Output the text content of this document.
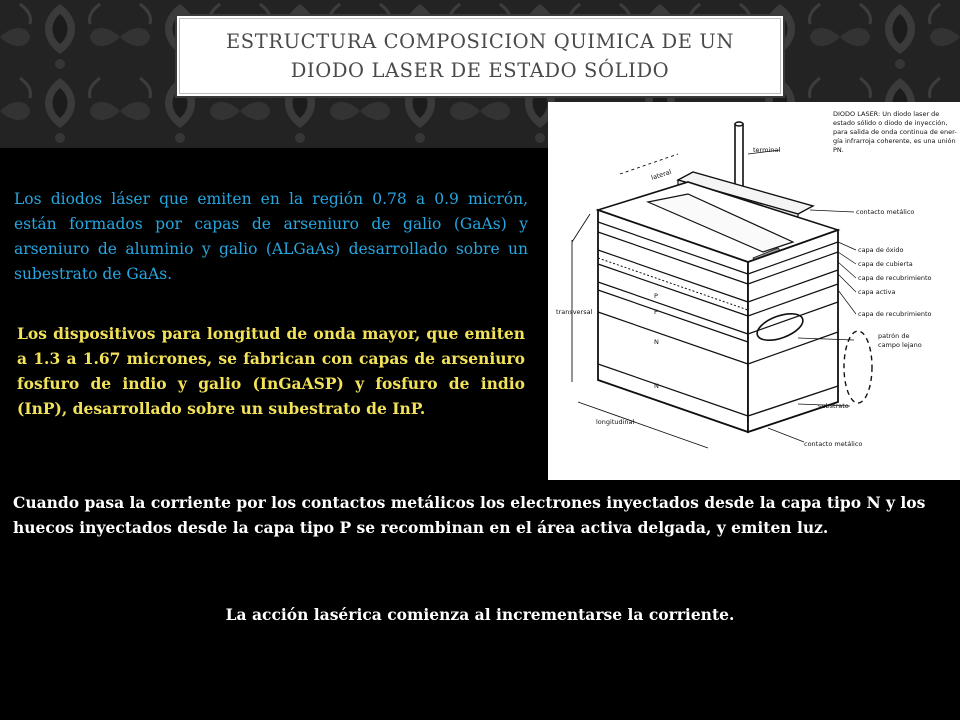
ESTRUCTURA COMPOSICION QUIMICA DE UN DIODO LASER DE ESTADO SÓLIDO

DIODO LASER: Un diodo laser de
estado sólido o diodo de inyección,
para salida de onda continua de ener-
gía infrarroja coherente, es una unión
PN.
terminal
lateral
contacto metálico
capa de óxido
capa de cubierta
capa de recubrimiento
capa activa
capa de recubrimiento
transversal
patrón de
campo lejano
substrato
longitudinal
contacto metálico
P
P
N
N

Los diodos láser que emiten en la región 0.78 a 0.9 micrón, están formados por capas de arseniuro de galio (GaAs) y arseniuro de aluminio y galio (ALGaAs) desarrollado sobre un subestrato de GaAs.

Los dispositivos para longitud de onda mayor, que emiten a 1.3 a 1.67 micrones, se fabrican con capas de arseniuro fosfuro de indio y galio (InGaASP) y fosfuro de indio (InP), desarrollado sobre un subestrato de InP.

Cuando pasa la corriente por los contactos metálicos los electrones inyectados desde la capa tipo N y los huecos inyectados desde la capa tipo P se recombinan en el área activa delgada, y emiten luz.

La acción lasérica comienza al incrementarse la corriente.
